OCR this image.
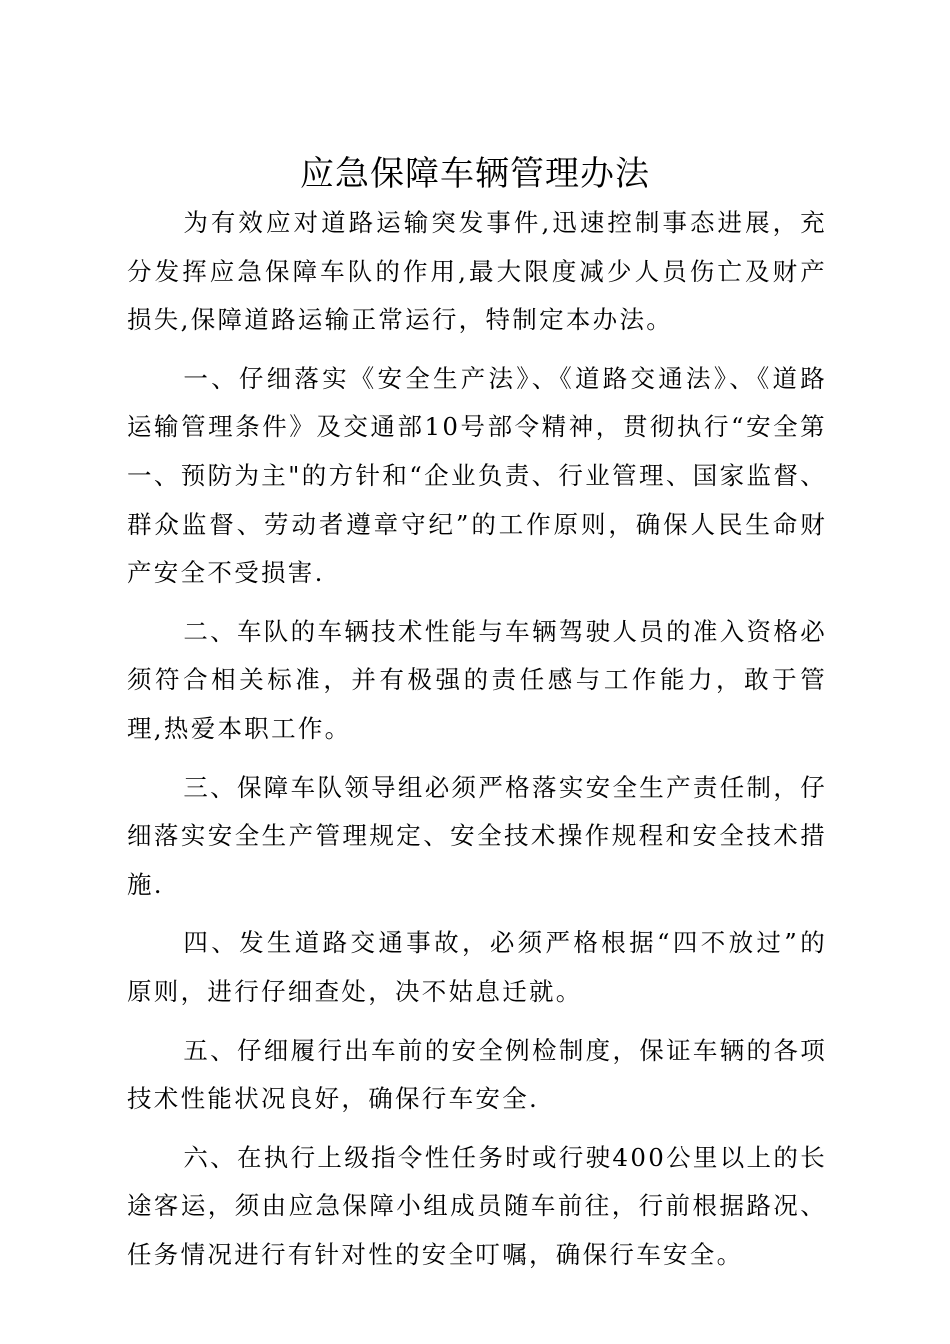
应急保障车辆管理办法

为有效应对道路运输突发事件,迅速控制事态进展，充分发挥应急保障车队的作用,最大限度减少人员伤亡及财产损失,保障道路运输正常运行，特制定本办法。

一、仔细落实《安全生产法》、《道路交通法》、《道路运输管理条件》及交通部10号部令精神，贯彻执行“安全第一、预防为主"的方针和“企业负责、行业管理、国家监督、群众监督、劳动者遵章守纪”的工作原则，确保人民生命财产安全不受损害.

二、车队的车辆技术性能与车辆驾驶人员的准入资格必须符合相关标准，并有极强的责任感与工作能力，敢于管理,热爱本职工作。

三、保障车队领导组必须严格落实安全生产责任制，仔细落实安全生产管理规定、安全技术操作规程和安全技术措施.

四、发生道路交通事故，必须严格根据“四不放过”的原则，进行仔细查处，决不姑息迁就。

五、仔细履行出车前的安全例检制度，保证车辆的各项技术性能状况良好，确保行车安全.

六、在执行上级指令性任务时或行驶400公里以上的长途客运，须由应急保障小组成员随车前往，行前根据路况、任务情况进行有针对性的安全叮嘱，确保行车安全。
